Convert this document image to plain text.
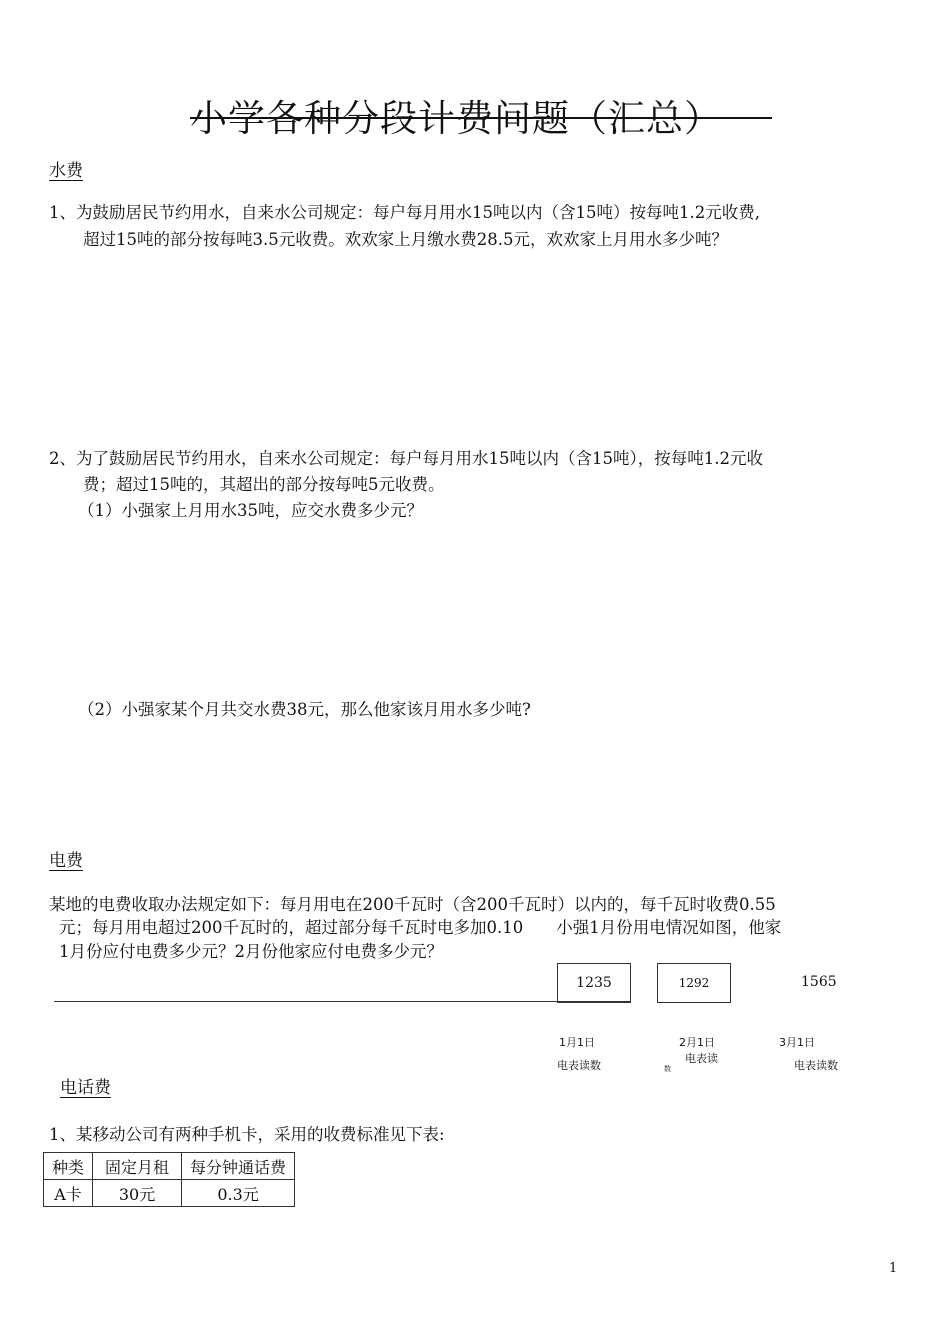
小学各种分段计费问题（汇总）
水费
1、为鼓励居民节约用水，自来水公司规定：每户每月用水15吨以内（含15吨）按每吨1.2元收费,
超过15吨的部分按每吨3.5元收费。欢欢家上月缴水费28.5元，欢欢家上月用水多少吨？
2、为了鼓励居民节约用水，自来水公司规定：每户每月用水15吨以内（含15吨），按每吨1.2元收
费；超过15吨的，其超出的部分按每吨5元收费。
（1）小强家上月用水35吨，应交水费多少元？
（2）小强家某个月共交水费38元，那么他家该月用水多少吨?
电费
某地的电费收取办法规定如下：每月用电在200千瓦时（含200千瓦时）以内的，每千瓦时收费0.55
元；每月用电超过200千瓦时的，超过部分每千瓦时电多加0.10　　小强1月份用电情况如图，他家
1月份应付电费多少元？2月份他家应付电费多少元？
1235	1292	1565
1月1日
电表读数
2月1日
电表读
数
3月1日
电表读数
电话费
1、某移动公司有两种手机卡，采用的收费标准见下表:
种类	固定月租	每分钟通话费
A卡	30元	0.3元
1
